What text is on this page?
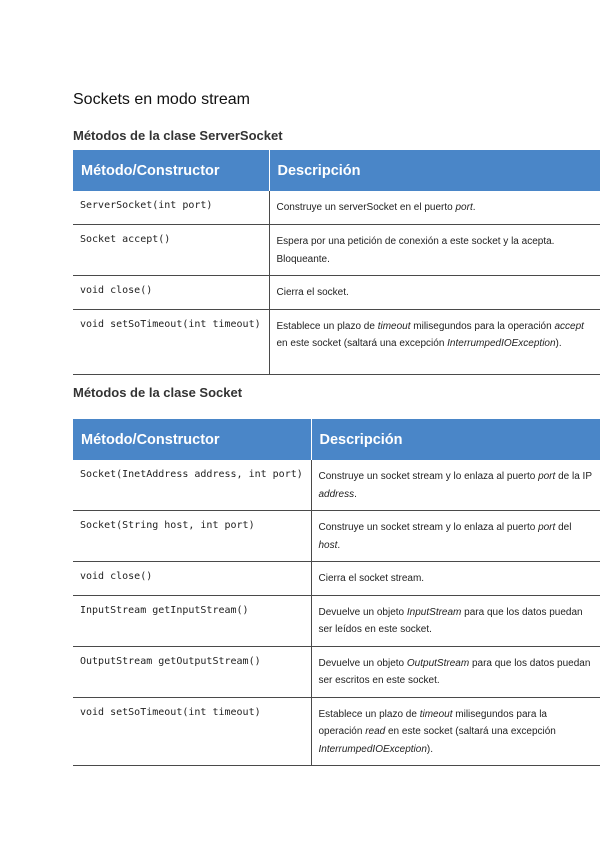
Sockets en modo stream
Métodos de la clase ServerSocket
Método/Constructor	Descripción
ServerSocket(int port)	Construye un serverSocket en el puerto port.
Socket accept()	Espera por una petición de conexión a este socket y la acepta. Bloqueante.
void close()	Cierra el socket.
void setSoTimeout(int timeout)	Establece un plazo de timeout milisegundos para la operación accept en este socket (saltará una excepción InterrumpedIOException).
Métodos de la clase Socket
Método/Constructor	Descripción
Socket(InetAddress address, int port)	Construye un socket stream y lo enlaza al puerto port de la IP address.
Socket(String host, int port)	Construye un socket stream y lo enlaza al puerto port del host.
void close()	Cierra el socket stream.
InputStream getInputStream()	Devuelve un objeto InputStream para que los datos puedan ser leídos en este socket.
OutputStream getOutputStream()	Devuelve un objeto OutputStream para que los datos puedan ser escritos en este socket.
void setSoTimeout(int timeout)	Establece un plazo de timeout milisegundos para la operación read en este socket (saltará una excepción InterrumpedIOException).
